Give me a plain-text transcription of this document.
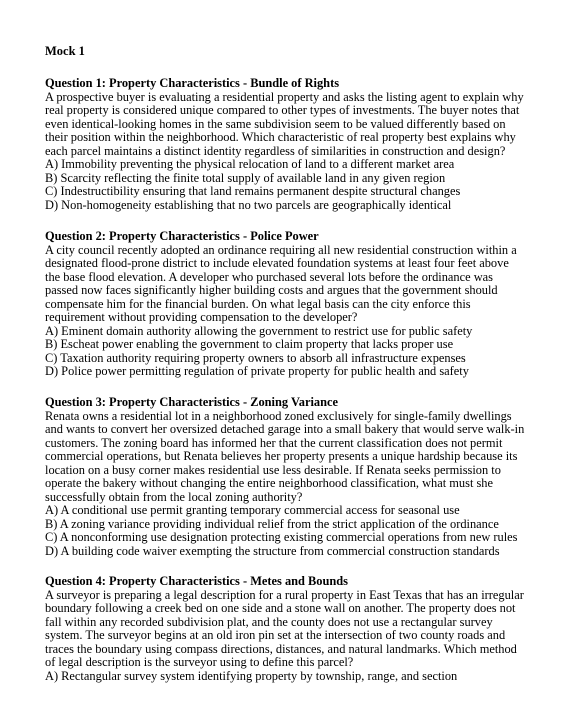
Mock 1
Question 1: Property Characteristics - Bundle of Rights

A prospective buyer is evaluating a residential property and asks the listing agent to explain why real property is considered unique compared to other types of investments. The buyer notes that even identical-looking homes in the same subdivision seem to be valued differently based on their position within the neighborhood. Which characteristic of real property best explains why each parcel maintains a distinct identity regardless of similarities in construction and design?

A) Immobility preventing the physical relocation of land to a different market area
B) Scarcity reflecting the finite total supply of available land in any given region
C) Indestructibility ensuring that land remains permanent despite structural changes
D) Non-homogeneity establishing that no two parcels are geographically identical
Question 2: Property Characteristics - Police Power

A city council recently adopted an ordinance requiring all new residential construction within a designated flood-prone district to include elevated foundation systems at least four feet above the base flood elevation. A developer who purchased several lots before the ordinance was passed now faces significantly higher building costs and argues that the government should compensate him for the financial burden. On what legal basis can the city enforce this requirement without providing compensation to the developer?

A) Eminent domain authority allowing the government to restrict use for public safety
B) Escheat power enabling the government to claim property that lacks proper use
C) Taxation authority requiring property owners to absorb all infrastructure expenses
D) Police power permitting regulation of private property for public health and safety
Question 3: Property Characteristics - Zoning Variance

Renata owns a residential lot in a neighborhood zoned exclusively for single-family dwellings and wants to convert her oversized detached garage into a small bakery that would serve walk-in customers. The zoning board has informed her that the current classification does not permit commercial operations, but Renata believes her property presents a unique hardship because its location on a busy corner makes residential use less desirable. If Renata seeks permission to operate the bakery without changing the entire neighborhood classification, what must she successfully obtain from the local zoning authority?

A) A conditional use permit granting temporary commercial access for seasonal use
B) A zoning variance providing individual relief from the strict application of the ordinance
C) A nonconforming use designation protecting existing commercial operations from new rules
D) A building code waiver exempting the structure from commercial construction standards
Question 4: Property Characteristics - Metes and Bounds

A surveyor is preparing a legal description for a rural property in East Texas that has an irregular boundary following a creek bed on one side and a stone wall on another. The property does not fall within any recorded subdivision plat, and the county does not use a rectangular survey system. The surveyor begins at an old iron pin set at the intersection of two county roads and traces the boundary using compass directions, distances, and natural landmarks. Which method of legal description is the surveyor using to define this parcel?

A) Rectangular survey system identifying property by township, range, and section
